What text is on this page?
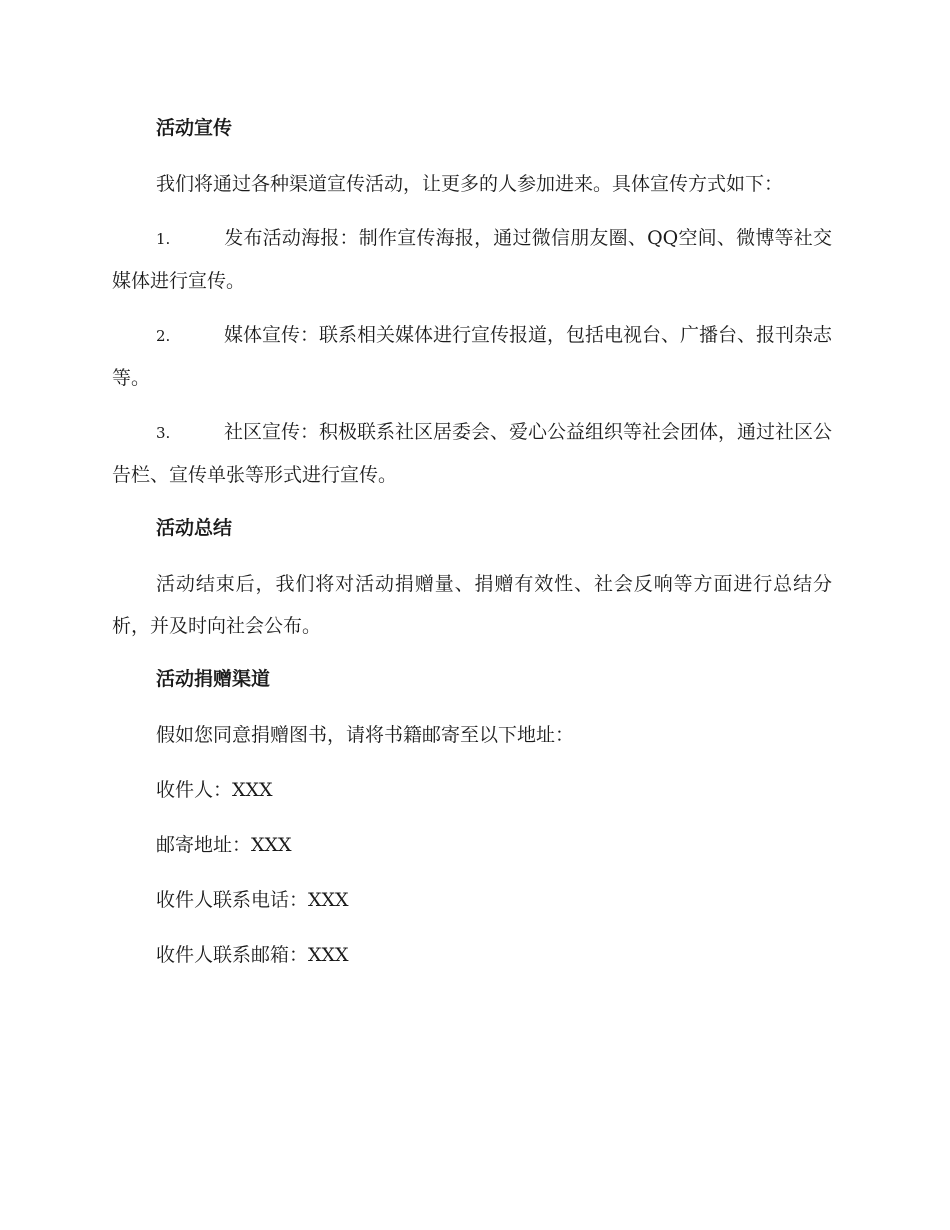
活动宣传
我们将通过各种渠道宣传活动，让更多的人参加进来。具体宣传方式如下：
1.	发布活动海报：制作宣传海报，通过微信朋友圈、QQ空间、微博等社交媒体进行宣传。
2.	媒体宣传：联系相关媒体进行宣传报道，包括电视台、广播台、报刊杂志等。
3.	社区宣传：积极联系社区居委会、爱心公益组织等社会团体，通过社区公告栏、宣传单张等形式进行宣传。
活动总结
活动结束后，我们将对活动捐赠量、捐赠有效性、社会反响等方面进行总结分析，并及时向社会公布。
活动捐赠渠道
假如您同意捐赠图书，请将书籍邮寄至以下地址：
收件人：XXX
邮寄地址：XXX
收件人联系电话：XXX
收件人联系邮箱：XXX
